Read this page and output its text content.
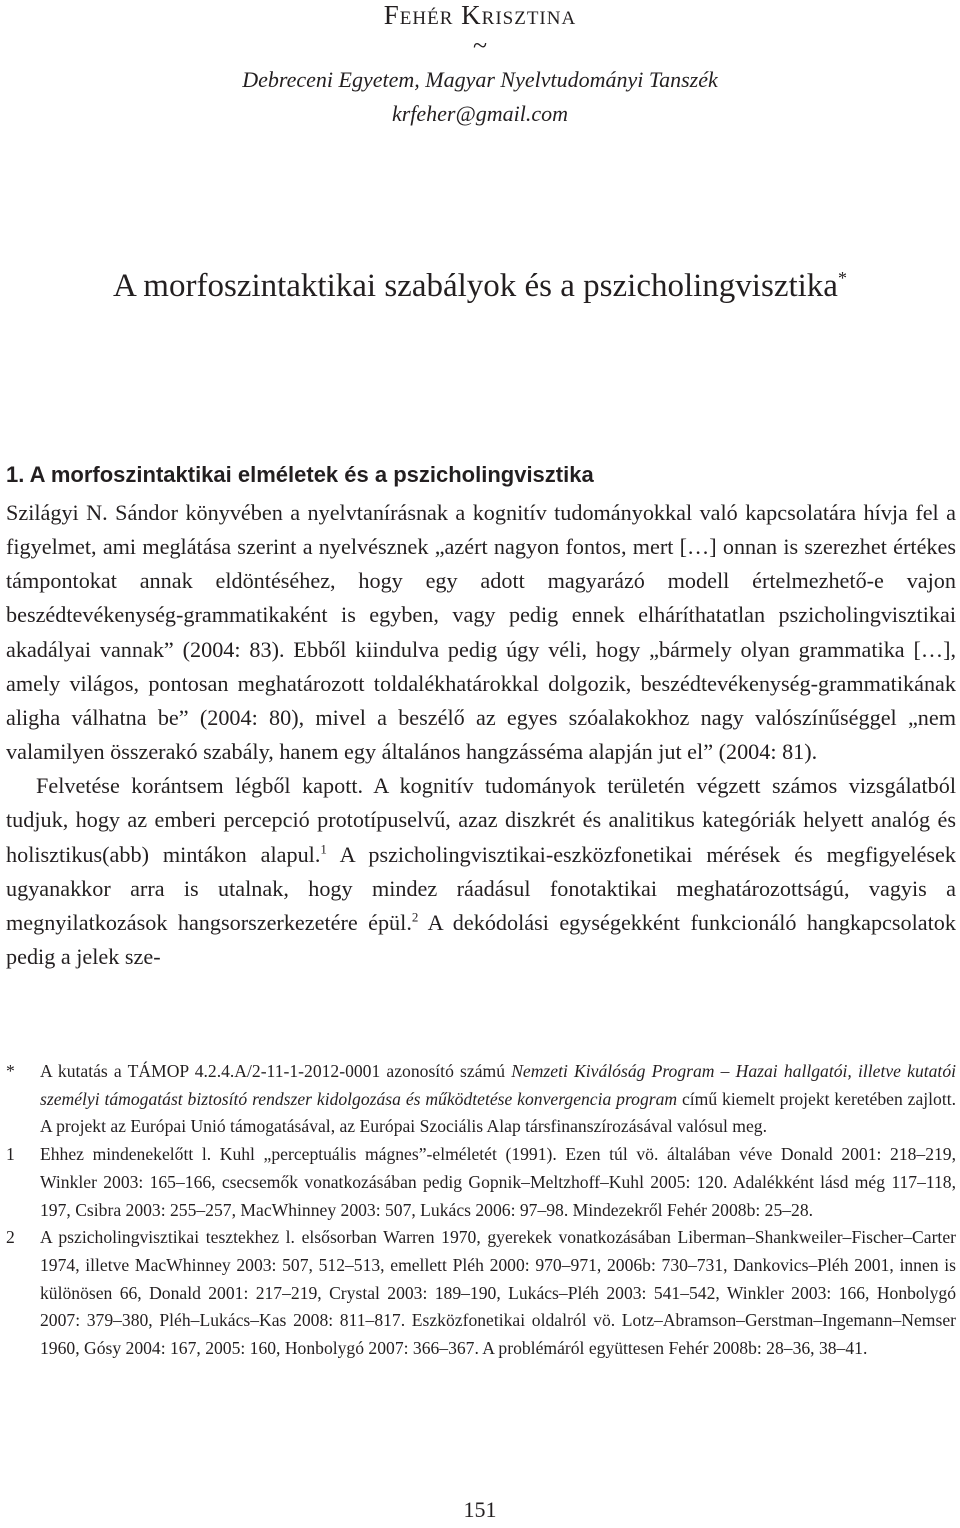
Fehér Krisztina
~
Debreceni Egyetem, Magyar Nyelvtudományi Tanszék
krfeher@gmail.com
A morfoszintaktikai szabályok és a pszicholingvisztika*
1. A morfoszintaktikai elméletek és a pszicholingvisztika

Szilágyi N. Sándor könyvében a nyelvtanírásnak a kognitív tudományokkal való kapcsolatára hívja fel a figyelmet, ami meglátása szerint a nyelvésznek „azért nagyon fontos, mert […] onnan is szerezhet értékes támpontokat annak eldöntéséhez, hogy egy adott magyarázó modell értelmezhető-e vajon beszédtevékenység-grammatikaként is egyben, vagy pedig ennek elháríthatatlan pszicholingvisztikai akadályai vannak” (2004: 83). Ebből kiindulva pedig úgy véli, hogy „bármely olyan grammatika […], amely világos, pontosan meghatározott toldalékhatárokkal dolgozik, beszédtevékenység-grammatikának aligha válhatna be” (2004: 80), mivel a beszélő az egyes szóalakokhoz nagy valószínűséggel „nem valamilyen összerakó szabály, hanem egy általános hangzásséma alapján jut el” (2004: 81).

Felvetése korántsem légből kapott. A kognitív tudományok területén végzett számos vizsgálatból tudjuk, hogy az emberi percepció prototípuselvű, azaz diszkrét és analitikus kategóriák helyett analóg és holisztikus(abb) mintákon alapul.$^1$ A pszicholingvisztikai-eszközfonetikai mérések és megfigyelések ugyanakkor arra is utalnak, hogy mindez ráadásul fonotaktikai meghatározottságú, vagyis a megnyilatkozások hangsorszerkezetére épül.$^2$ A dekódolási egységekként funkcionáló hangkapcsolatok pedig a jelek sze-

* A kutatás a TÁMOP 4.2.4.A/2-11-1-2012-0001 azonosító számú Nemzeti Kiválóság Program – Hazai hallgatói, illetve kutatói személyi támogatást biztosító rendszer kidolgozása és működtetése konvergencia program című kiemelt projekt keretében zajlott. A projekt az Európai Unió támogatásával, az Európai Szociális Alap társfinanszírozásával valósul meg.
1 Ehhez mindenekelőtt l. Kuhl „perceptuális mágnes”-elméletét (1991). Ezen túl vö. általában véve Donald 2001: 218–219, Winkler 2003: 165–166, csecsemők vonatkozásában pedig Gopnik–Meltzhoff–Kuhl 2005: 120. Adalékként lásd még 117–118, 197, Csibra 2003: 255–257, MacWhinney 2003: 507, Lukács 2006: 97–98. Mindezekről Fehér 2008b: 25–28.
2 A pszicholingvisztikai tesztekhez l. elsősorban Warren 1970, gyerekek vonatkozásában Liberman–Shankweiler–Fischer–Carter 1974, illetve MacWhinney 2003: 507, 512–513, emellett Pléh 2000: 970–971, 2006b: 730–731, Dankovics–Pléh 2001, innen is különösen 66, Donald 2001: 217–219, Crystal 2003: 189–190, Lukács–Pléh 2003: 541–542, Winkler 2003: 166, Honbolygó 2007: 379–380, Pléh–Lukács–Kas 2008: 811–817. Eszközfonetikai oldalról vö. Lotz–Abramson–Gerstman–Ingemann–Nemser 1960, Gósy 2004: 167, 2005: 160, Honbolygó 2007: 366–367. A problémáról együttesen Fehér 2008b: 28–36, 38–41.
151
